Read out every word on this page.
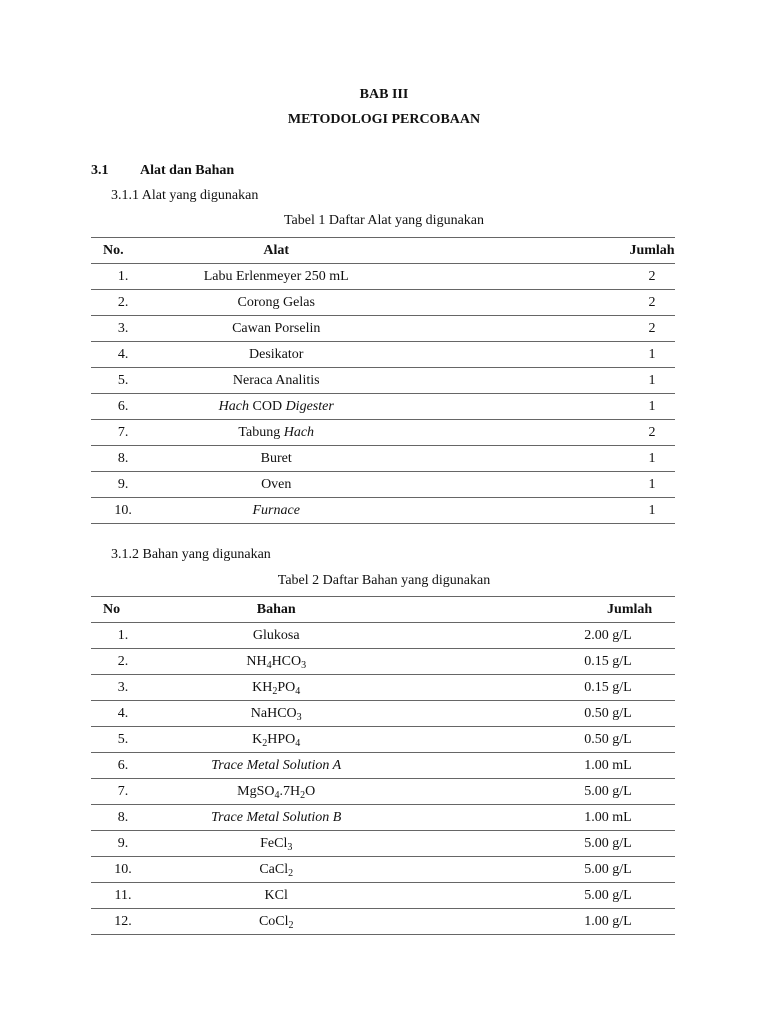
BAB III
METODOLOGI PERCOBAAN
3.1 Alat dan Bahan
3.1.1 Alat yang digunakan
Tabel 1 Daftar Alat yang digunakan
No.	Alat		Jumlah
1.	Labu Erlenmeyer 250 mL		2
2.	Corong Gelas		2
3.	Cawan Porselin		2
4.	Desikator		1
5.	Neraca Analitis		1
6.	Hach COD Digester		1
7.	Tabung Hach		2
8.	Buret		1
9.	Oven		1
10.	Furnace		1
3.1.2 Bahan yang digunakan
Tabel 2 Daftar Bahan yang digunakan
No	Bahan		Jumlah
1.	Glukosa		2.00 g/L
2.	$NH_4HCO_3$		0.15 g/L
3.	$KH_2PO_4$		0.15 g/L
4.	NaHCO$_3$		0.50 g/L
5.	$K_2HPO_4$		0.50 g/L
6.	Trace Metal Solution A		1.00 mL
7.	$MgSO_4.7H_2O$		5.00 g/L
8.	Trace Metal Solution B		1.00 mL
9.	FeCl$_3$		5.00 g/L
10.	CaCl$_2$		5.00 g/L
11.	KCl		5.00 g/L
12.	CoCl$_2$		1.00 g/L
